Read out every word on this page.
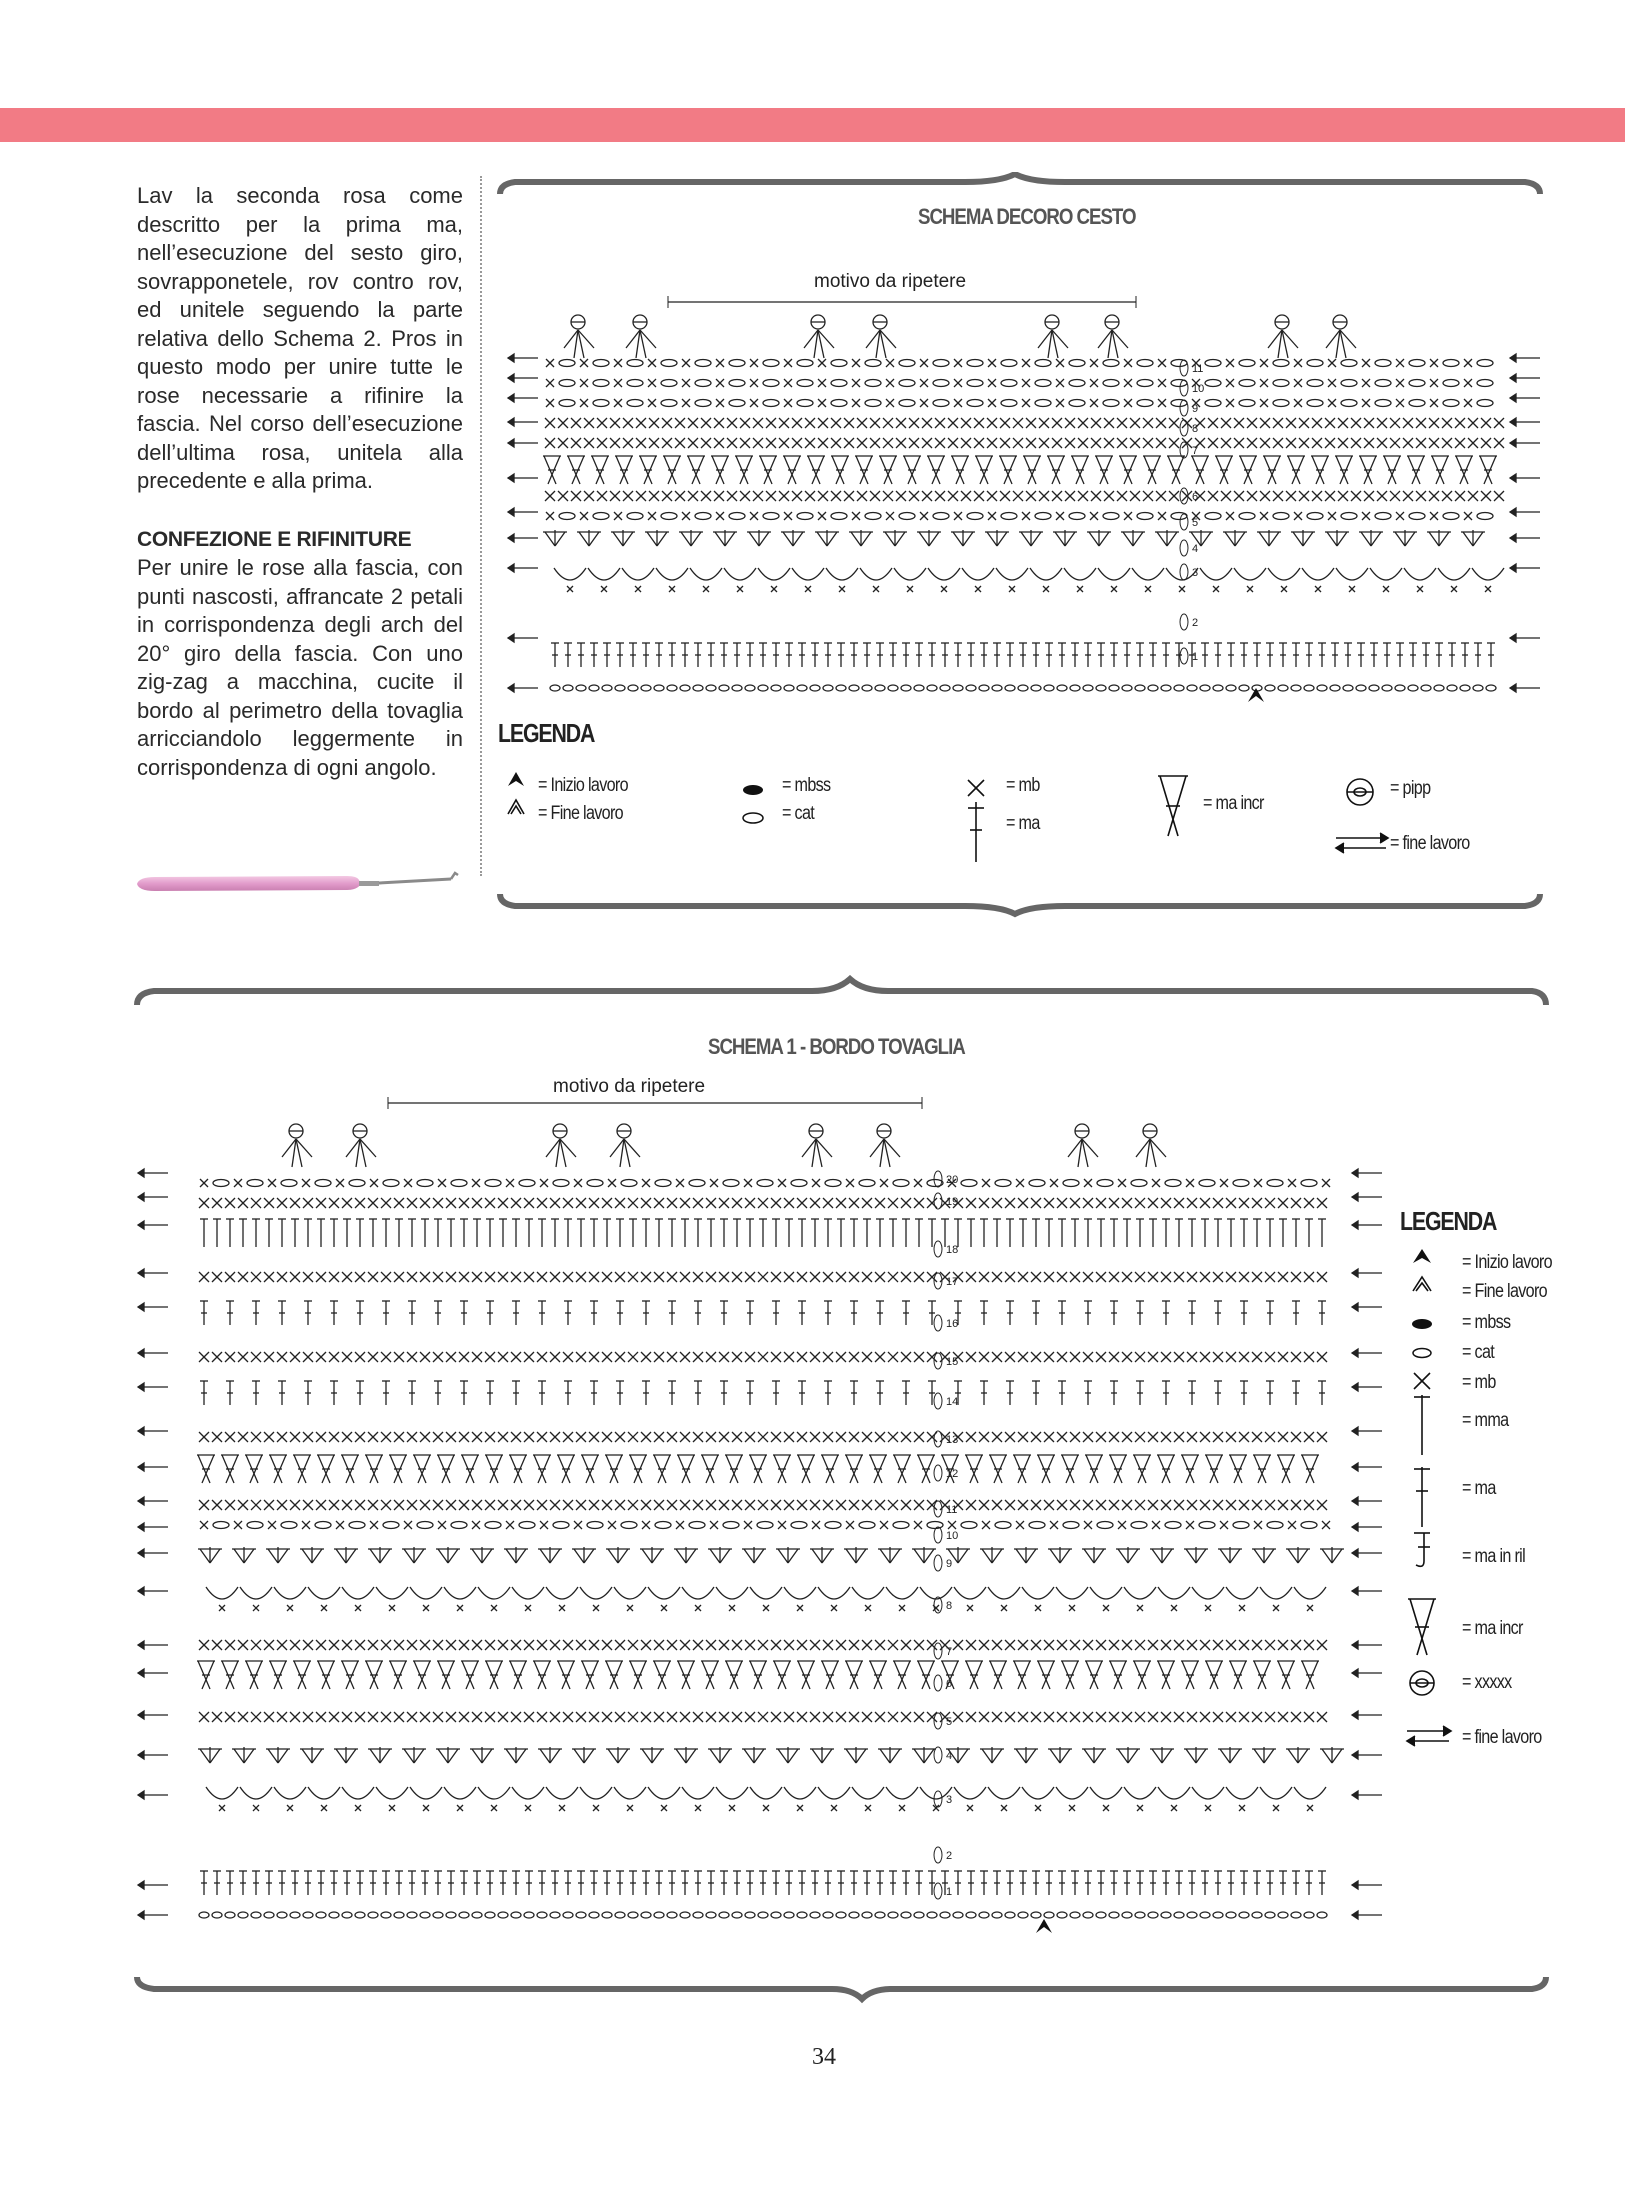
Lav la seconda rosa come descritto per la prima ma, nell’esecuzione del sesto giro, sovrapponetele, rov contro rov, ed unitele seguendo la parte relativa dello Schema 2. Pros in questo modo per unire tutte le rose necessarie a rifinire la fascia. Nel corso dell’esecuzione dell’ultima rosa, unitela alla precedente e alla prima.

CONFEZIONE E RIFINITURE

Per unire le rose alla fascia, con punti nascosti, affrancate 2 petali in corrispondenza degli arch del 20° giro della fascia. Con uno zig-zag a macchina, cucite il bordo al perimetro della tovaglia arricciandolo leggermente in corrispondenza di ogni angolo.

SCHEMA DECORO CESTO
motivo da ripetere
11
10
9
8
7
6
5
4
3
2
1
LEGENDA
= Inizio lavoro
= Fine lavoro
= mbss
= cat
= mb
= ma
= ma incr
= pipp
= fine lavoro
SCHEMA 1 - BORDO TOVAGLIA
motivo da ripetere
20
19
18
17
16
15
14
13
12
11
10
9
8
7
6
5
4
3
2
1
LEGENDA
= Inizio lavoro
= Fine lavoro
= mbss
= cat
= mb
= mma
= ma
= ma in ril
= ma incr
= xxxxx
= fine lavoro
34
